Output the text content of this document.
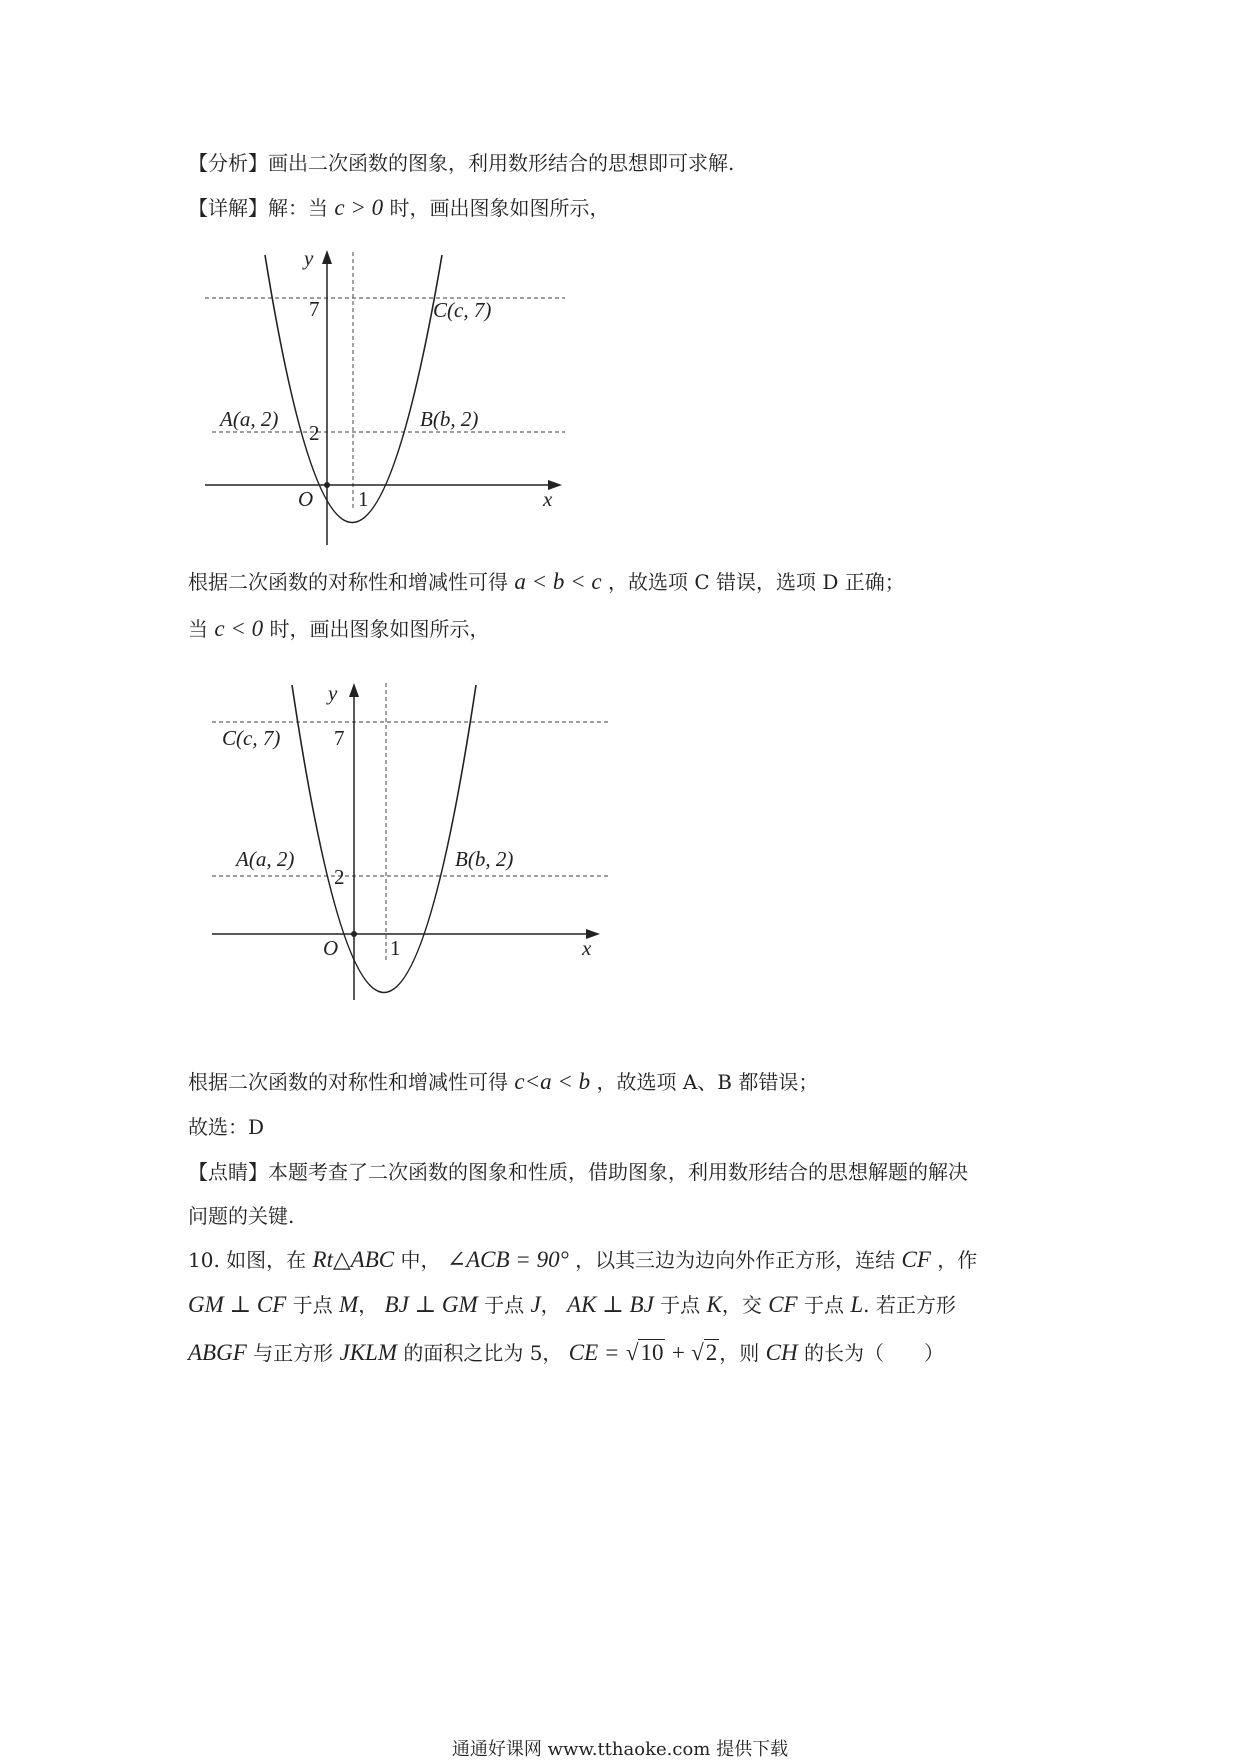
【分析】画出二次函数的图象，利用数形结合的思想即可求解.
【详解】解：当 c > 0 时，画出图象如图所示，
y
x
O 1
7
2
A(a, 2)	B(b, 2)
C(c, 7)
根据二次函数的对称性和增减性可得 a < b < c ，故选项 C 错误，选项 D 正确；
当 c < 0 时，画出图象如图所示，
y
x
O 1
7
2
A(a, 2)	B(b, 2)
C(c, 7)
根据二次函数的对称性和增减性可得 c<a < b ，故选项 A、B 都错误；
故选：D
【点睛】本题考查了二次函数的图象和性质，借助图象，利用数形结合的思想解题的解决
问题的关键.
10. 如图，在 Rt△ABC 中， ∠ACB = 90° ，以其三边为边向外作正方形，连结 CF ，作
GM ⊥ CF 于点 M， BJ ⊥ GM 于点 J， AK ⊥ BJ 于点 K，交 CF 于点 L. 若正方形
ABGF 与正方形 JKLM 的面积之比为 5， CE = √10 + √2 ，则 CH 的长为（　　）
通通好课网 www.tthaoke.com 提供下载
